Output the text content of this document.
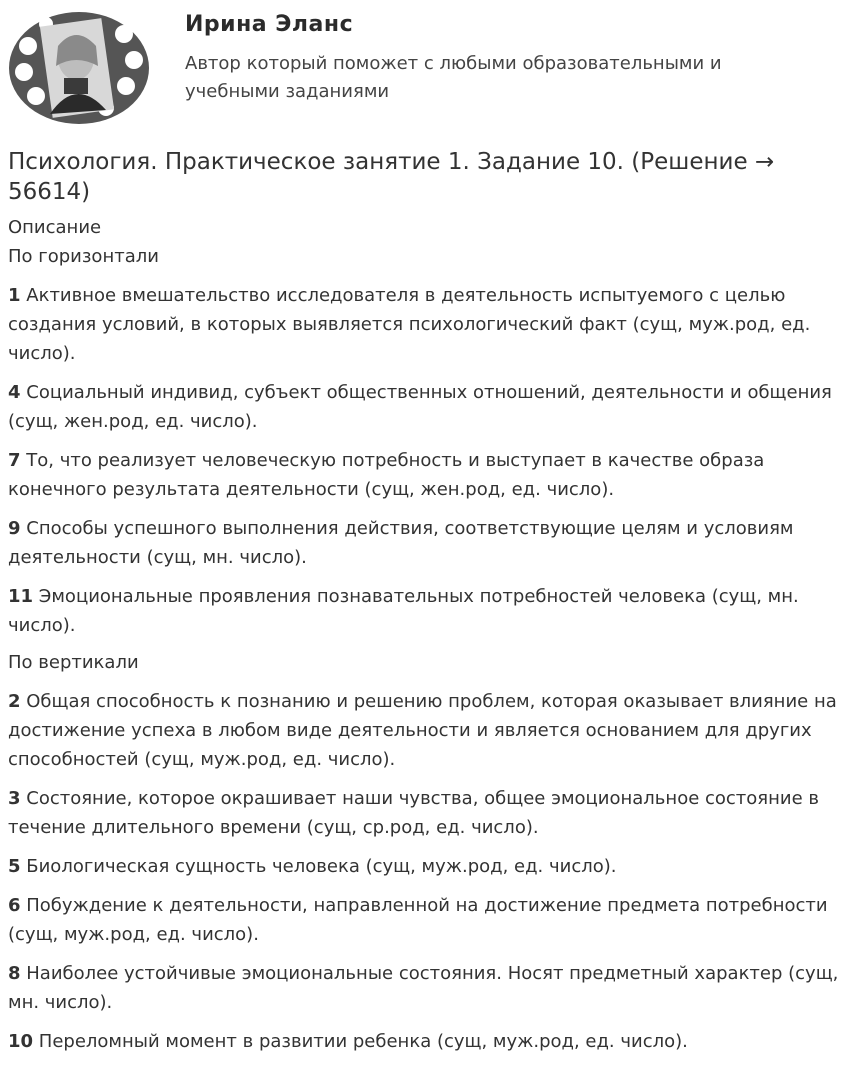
Ирина Эланс
Автор который поможет с любыми образовательными и учебными заданиями
Психология. Практическое занятие 1. Задание 10. (Решение → 56614)
Описание
По горизонтали
1 Активное вмешательство исследователя в деятельность испытуемого с целью создания условий, в которых выявляется психологический факт (сущ, муж.род, ед. число).
4 Социальный индивид, субъект общественных отношений, деятельности и общения (сущ, жен.род, ед. число).
7 То, что реализует человеческую потребность и выступает в качестве образа конечного результата деятельности (сущ, жен.род, ед. число).
9 Способы успешного выполнения действия, соответствующие целям и условиям деятельности (сущ, мн. число).
11 Эмоциональные проявления познавательных потребностей человека (сущ, мн. число).
По вертикали
2 Общая способность к познанию и решению проблем, которая оказывает влияние на достижение успеха в любом виде деятельности и является основанием для других способностей (сущ, муж.род, ед. число).
3 Состояние, которое окрашивает наши чувства, общее эмоциональное состояние в течение длительного времени (сущ, ср.род, ед. число).
5 Биологическая сущность человека (сущ, муж.род, ед. число).
6 Побуждение к деятельности, направленной на достижение предмета потребности (сущ, муж.род, ед. число).
8 Наиболее устойчивые эмоциональные состояния. Носят предметный характер (сущ, мн. число).
10 Переломный момент в развитии ребенка (сущ, муж.род, ед. число).
